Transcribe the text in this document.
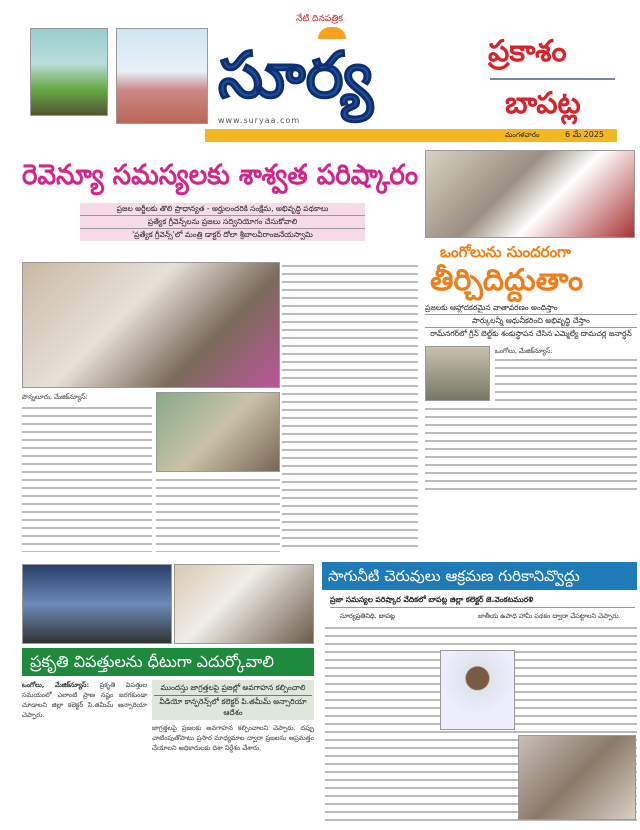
నేటి దినపత్రిక
సూర్య
www.suryaa.com
ప్రకాశం
బాపట్ల
మంగళవారం	6 మే 2025
రెవెన్యూ సమస్యలకు శాశ్వత పరిష్కారం
ప్రజల అర్జీలకు తొలి ప్రాధాన్యత - అర్హులందరికి సంక్షేమ, అభివృద్ధి పథకాలు
ప్రత్యేక గ్రీవెన్స్‌లను ప్రజలు సద్వినియోగం చేసుకోవాలి
'ప్రత్యేక గ్రీవెన్స్'లో మంత్రి డాక్టర్ దోలా శ్రీబాలవీరాంజనేయస్వామి
పొన్నలూరు, మేజిక్‌న్యూస్:
ఒంగోలును సుందరంగా
తీర్చిదిద్దుతాం
ప్రజలకు ఆహ్లాదకరమైన వాతావరణం అందిస్తాం
పార్కులన్నీ ఆధునీకరించి అభివృద్ధి చేస్తాం
రామ్‌నగర్‌లో గ్రీన్ బెల్ట్‌కు శంకుస్థాపన చేసిన ఎమ్మెల్యే దామచర్ల జనార్ధన్
ఒంగోలు, మేజిక్‌న్యూస్:
ప్రకృతి విపత్తులను ధీటుగా ఎదుర్కోవాలి
ఒంగోలు, మేజిక్‌న్యూస్: ప్రకృతి విపత్తుల సమయంలో ఎలాంటి ప్రాణ నష్టం జరగకుండా చూడాలని జిల్లా కలెక్టర్ పి.తమీమ్ అన్సారియా చెప్పారు.
ముందస్తు జాగ్రత్తలపై ప్రజల్లో అవగాహన కల్పించాలి
వీడియో కాన్ఫరెన్స్‌లో కలెక్టర్ పి.తమీమ్ అన్సారియా ఆదేశం
జాగ్రత్తలపై ప్రజలకు అవగాహన కల్పించాలని చెప్పారు. దప్పు చాటింపుతోపాటు ప్రసార మాధ్యమాల ద్వారా ప్రజలను అప్రమత్తం చేయాలని అధికారులకు దిశా నిర్దేశం చేశారు.
సాగునీటి చెరువులు ఆక్రమణ గురికానివ్వొద్దు
ప్రజా సమస్యల పరిష్కార వేదికలో బాపట్ల జిల్లా కలెక్టర్ జె.వెంకటమురళి
సూర్యప్రతినిధి, బాపట్ల	జాతీయ ఉపాధి హామీ పథకం ద్వారా చేపట్టాలని చెప్పారు.
